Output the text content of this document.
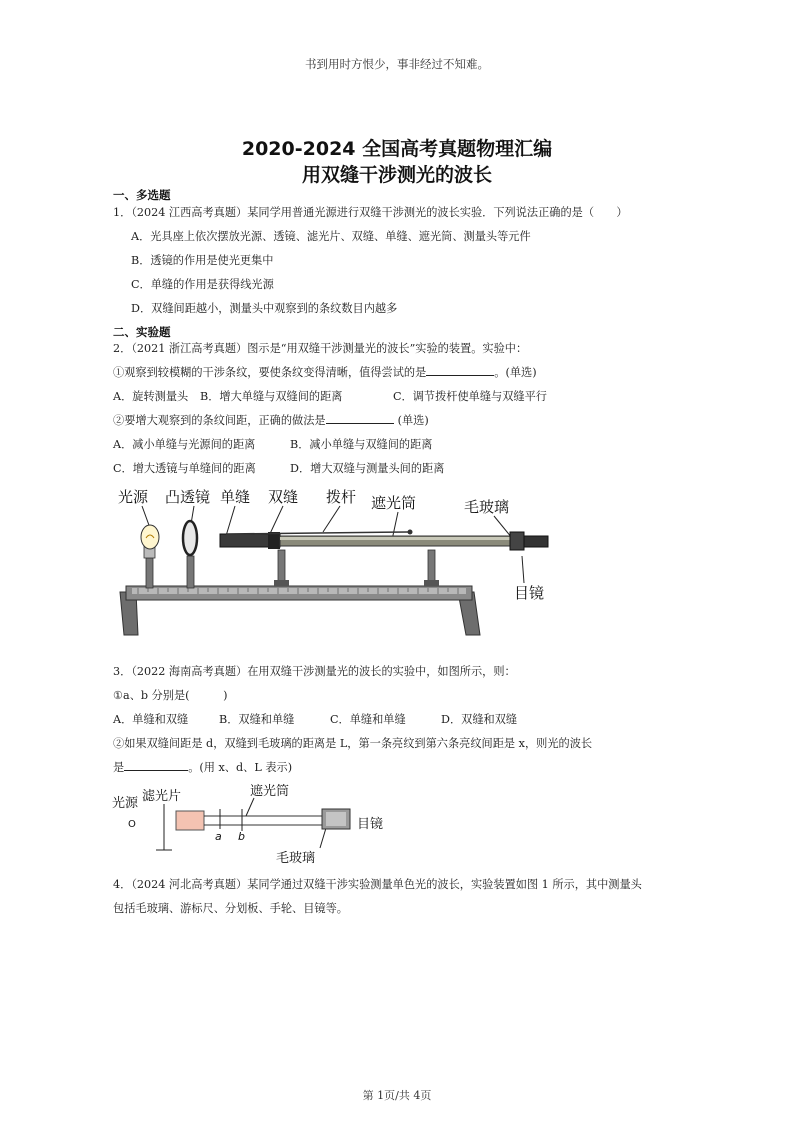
书到用时方恨少，事非经过不知难。
2020-2024 全国高考真题物理汇编
用双缝干涉测光的波长
一、多选题
1．（2024 江西高考真题）某同学用普通光源进行双缝干涉测光的波长实验．下列说法正确的是（　　）
A．光具座上依次摆放光源、透镜、滤光片、双缝、单缝、遮光筒、测量头等元件
B．透镜的作用是使光更集中
C．单缝的作用是获得线光源
D．双缝间距越小，测量头中观察到的条纹数目内越多
二、实验题
2．（2021 浙江高考真题）图示是“用双缝干涉测量光的波长”实验的装置。实验中：
①观察到较模糊的干涉条纹，要使条纹变得清晰，值得尝试的是	。(单选)
A．旋转测量头 B．增大单缝与双缝间的距离	C．调节拨杆使单缝与双缝平行
②要增大观察到的条纹间距，正确的做法是	(单选)
A．减小单缝与光源间的距离	B．减小单缝与双缝间的距离
C．增大透镜与单缝间的距离	D．增大双缝与测量头间的距离
光源 凸透镜 单缝 双缝 拨杆 遮光筒	毛玻璃
目镜
3．（2022 海南高考真题）在用双缝干涉测量光的波长的实验中，如图所示，则：
①a、b 分别是(　　　)
A．单缝和双缝	B．双缝和单缝	C．单缝和单缝	D．双缝和双缝
②如果双缝间距是 d，双缝到毛玻璃的距离是 L，第一条亮纹到第六条亮纹间距是 x，则光的波长
是	。(用 x、d、L 表示)
光源 滤光片	遮光筒
目镜
毛玻璃
O
a b
4．（2024 河北高考真题）某同学通过双缝干涉实验测量单色光的波长，实验装置如图 1 所示，其中测量头
包括毛玻璃、游标尺、分划板、手轮、目镜等。
第 1页/共 4页
